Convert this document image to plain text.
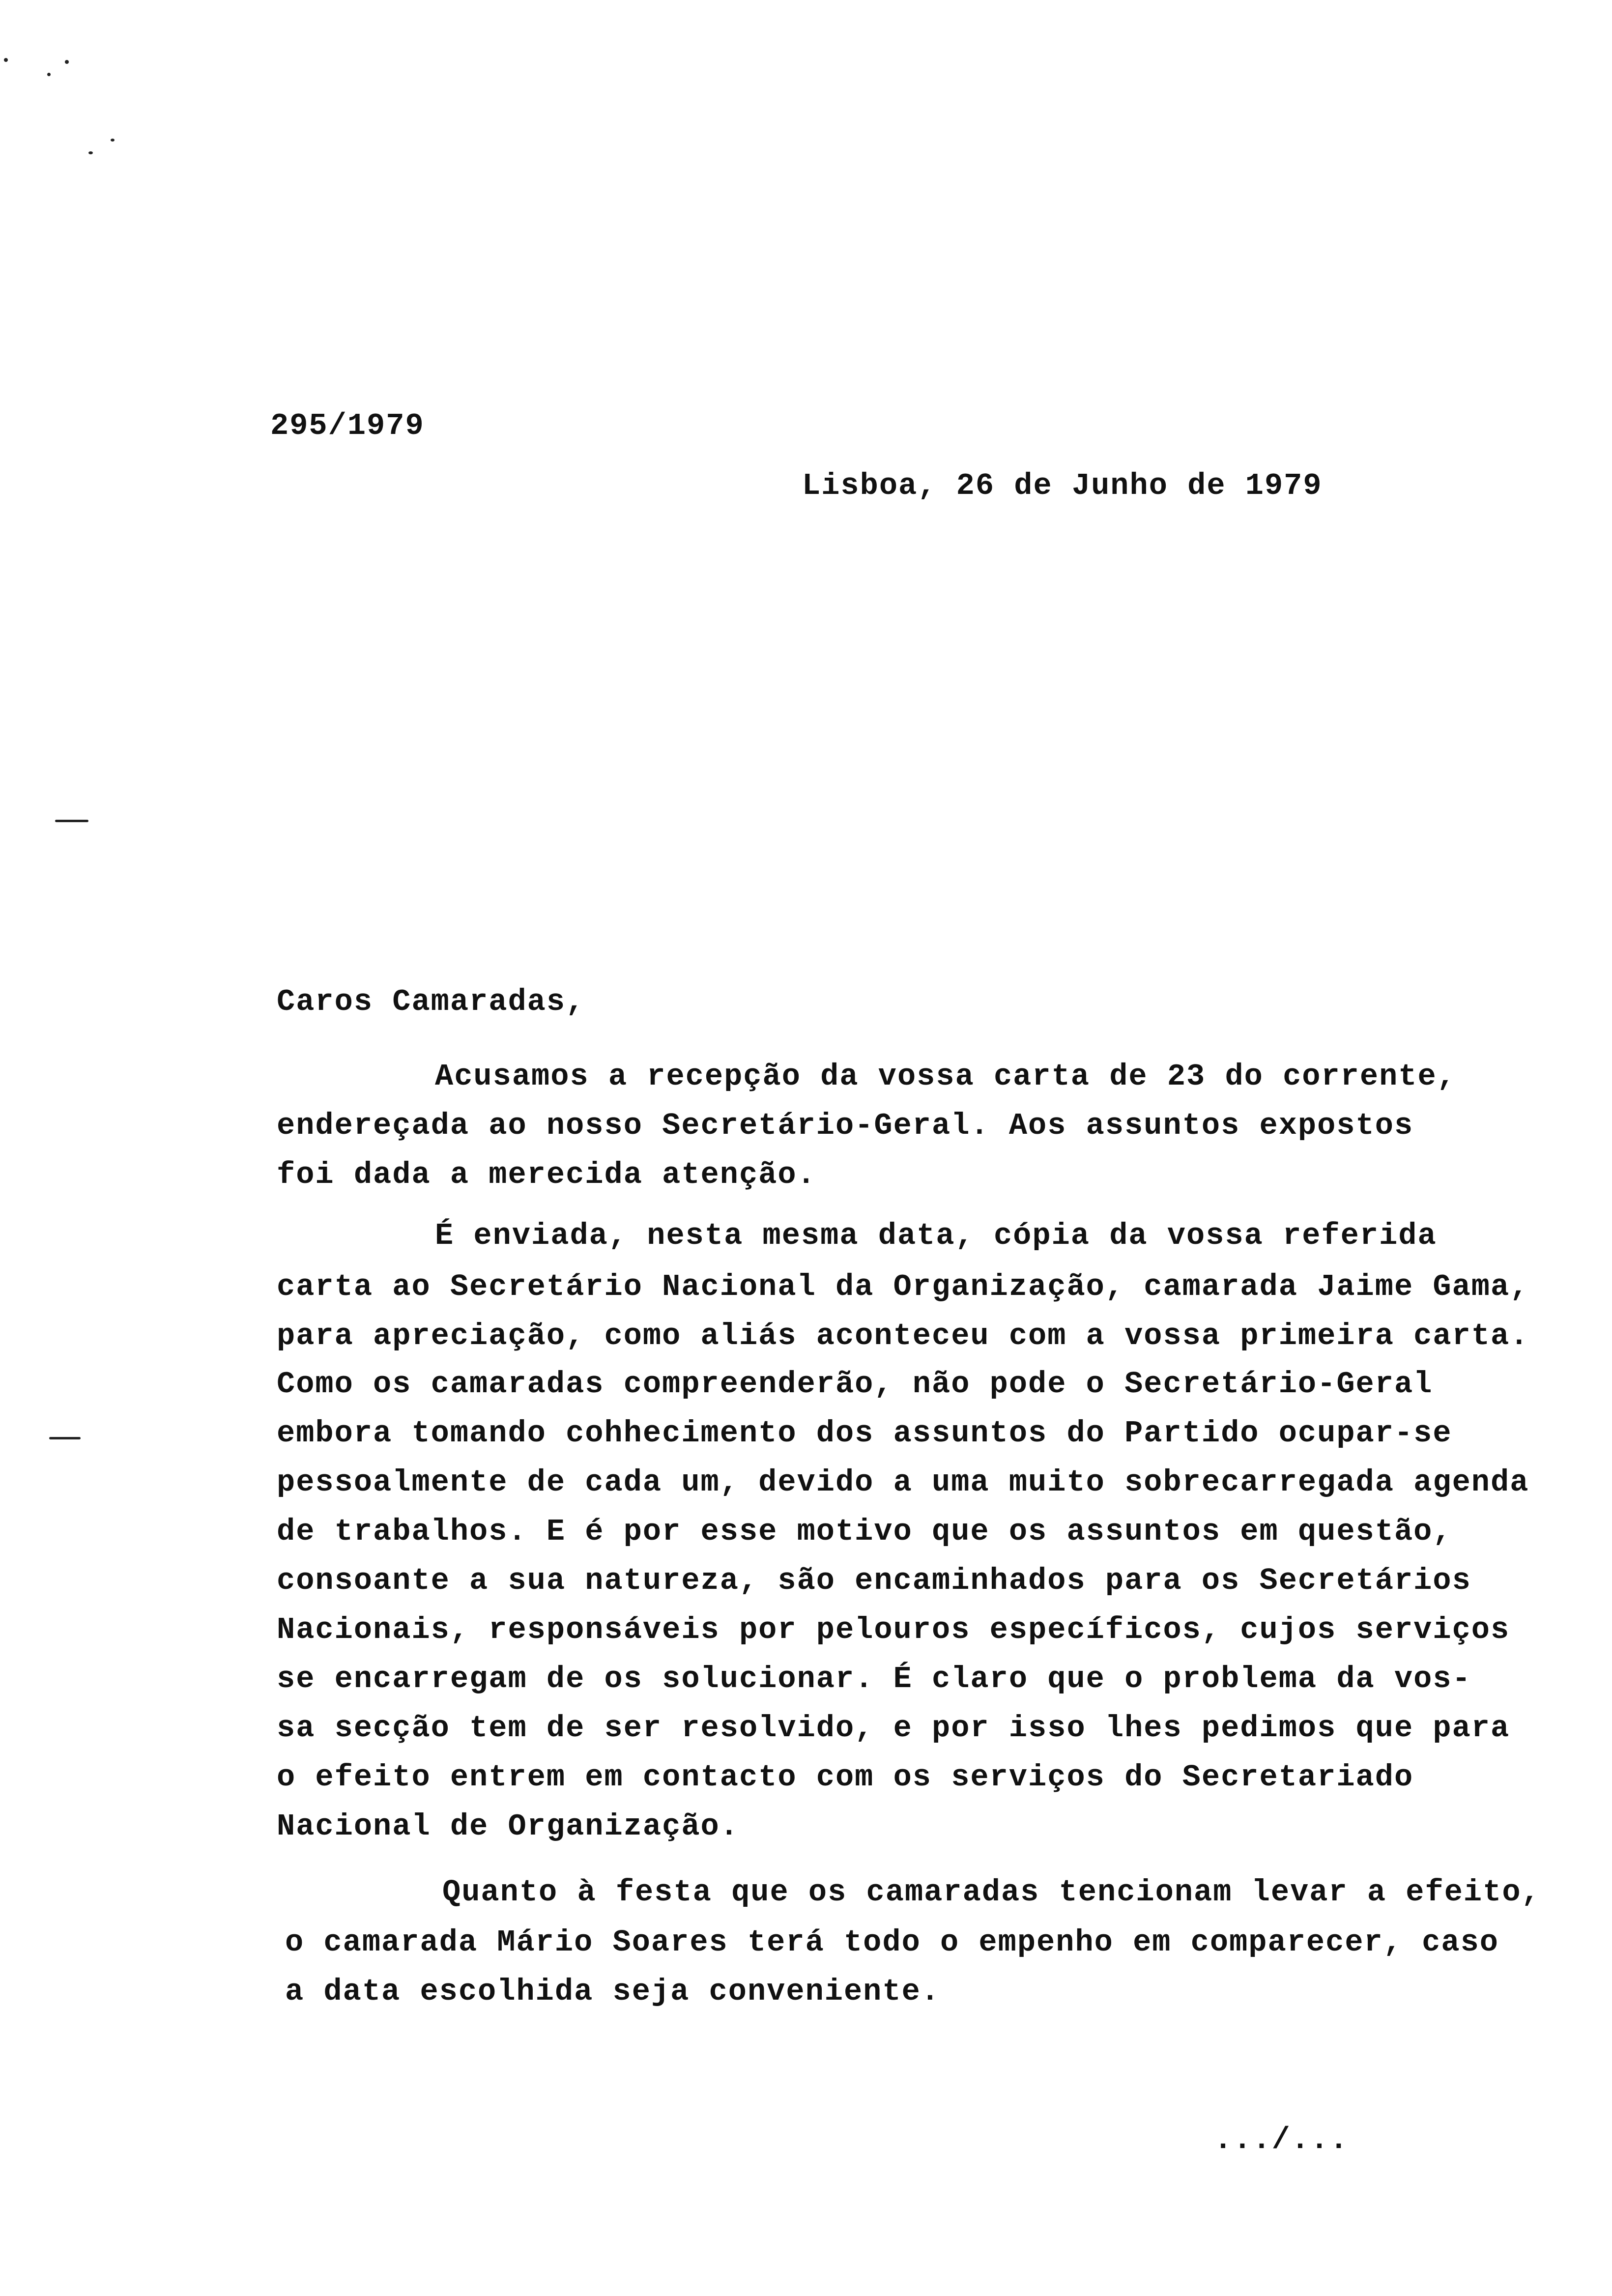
295/1979
Lisboa, 26 de Junho de 1979
Caros Camaradas,
Acusamos a recepção da vossa carta de 23 do corrente,
endereçada ao nosso Secretário-Geral. Aos assuntos expostos
foi dada a merecida atenção.
É enviada, nesta mesma data, cópia da vossa referida
carta ao Secretário Nacional da Organização, camarada Jaime Gama,
para apreciação, como aliás aconteceu com a vossa primeira carta.
Como os camaradas compreenderão, não pode o Secretário-Geral
embora tomando cohhecimento dos assuntos do Partido ocupar-se
pessoalmente de cada um, devido a uma muito sobrecarregada agenda
de trabalhos. E é por esse motivo que os assuntos em questão,
consoante a sua natureza, são encaminhados para os Secretários
Nacionais, responsáveis por pelouros específicos, cujos serviços
se encarregam de os solucionar. É claro que o problema da vos-
sa secção tem de ser resolvido, e por isso lhes pedimos que para
o efeito entrem em contacto com os serviços do Secretariado
Nacional de Organização.
Quanto à festa que os camaradas tencionam levar a efeito,
o camarada Mário Soares terá todo o empenho em comparecer, caso
a data escolhida seja conveniente.
.../...
